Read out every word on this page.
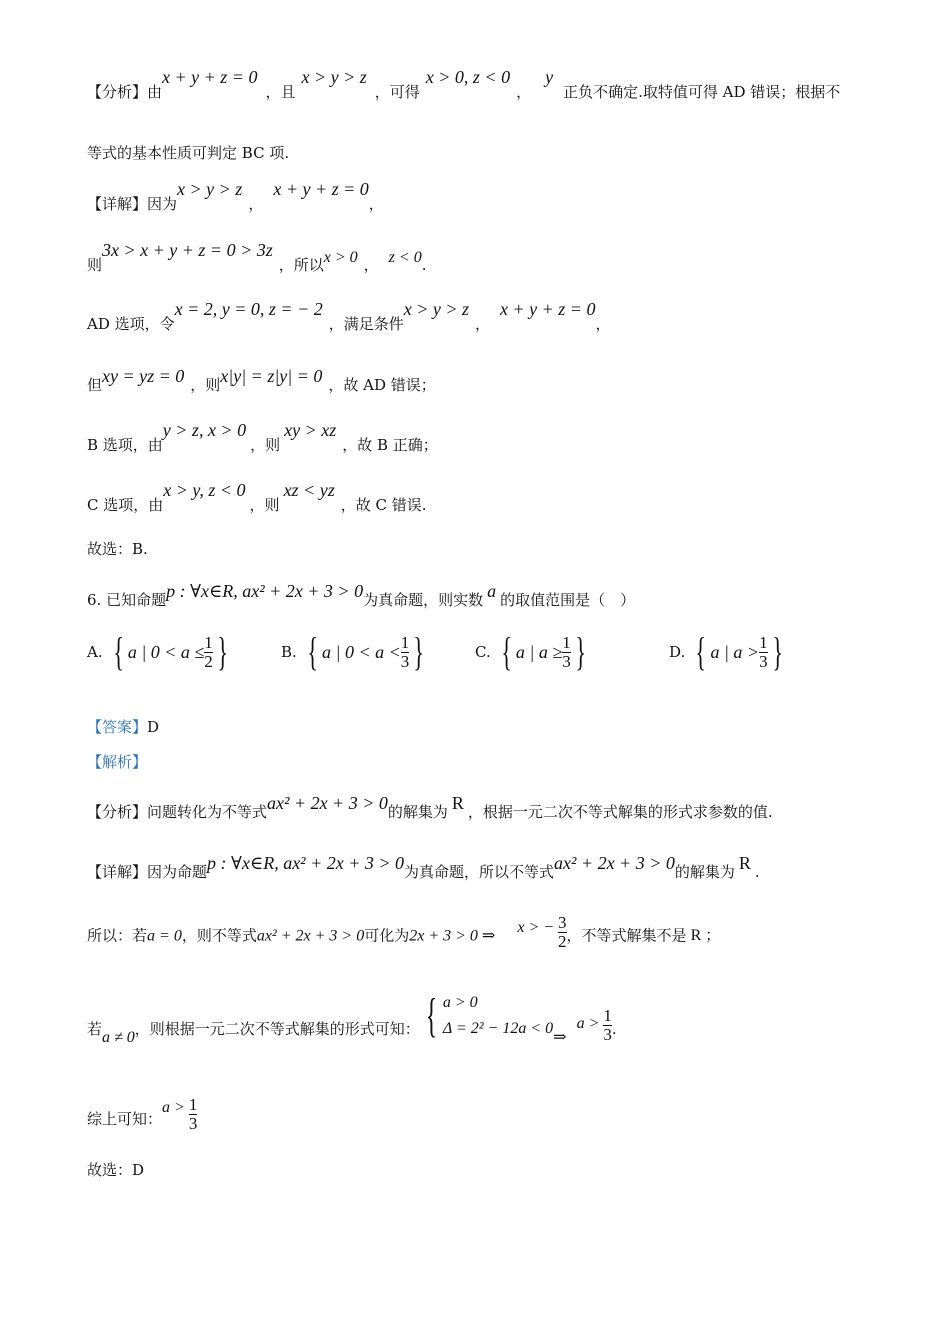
【分析】由x + y + z = 0，且x > y > z，可得x > 0, z < 0，y正负不确定.取特值可得 AD 错误；根据不
等式的基本性质可判定 BC 项.
【详解】因为x > y > z，x + y + z = 0，
则3x > x + y + z = 0 > 3z，所以x > 0 ， z < 0.
AD 选项，令x = 2, y = 0, z = − 2，满足条件x > y > z，x + y + z = 0，
但xy = yz = 0 ，则x|y| = z|y| = 0 ，故 AD 错误；
B 选项，由y > z, x > 0，则xy > xz，故 B 正确；
C 选项，由x > y, z < 0，则xz < yz，故 C 错误.
故选：B.
6. 已知命题p : ∀x∈R, ax² + 2x + 3 > 0为真命题，则实数 a 的取值范围是（　）
A. { a | $0 < a \le \frac{1}{2}$ }	B. { a | $0 < a < \frac{1}{3}$ }	C. { a | $a \ge \frac{1}{3}$ }	D. { a | $a > \frac{1}{3}$ }
【答案】D
【解析】
【分析】问题转化为不等式ax² + 2x + 3 > 0的解集为 R ，根据一元二次不等式解集的形式求参数的值.
【详解】因为命题p : ∀x∈R, ax² + 2x + 3 > 0为真命题，所以不等式ax² + 2x + 3 > 0的解集为 R .
所以：若a = 0，则不等式ax² + 2x + 3 > 0可化为2x + 3 > 0 ⇒ x > − $\frac{3}{2}$ ，不等式解集不是 R ；
若a ≠ 0，则根据一元二次不等式解集的形式可知： { a > 0
Δ = 2² − 12a < 0
⇒a > $\frac{1}{3}$ .
综上可知：$a > \frac{1}{3}$
故选：D
